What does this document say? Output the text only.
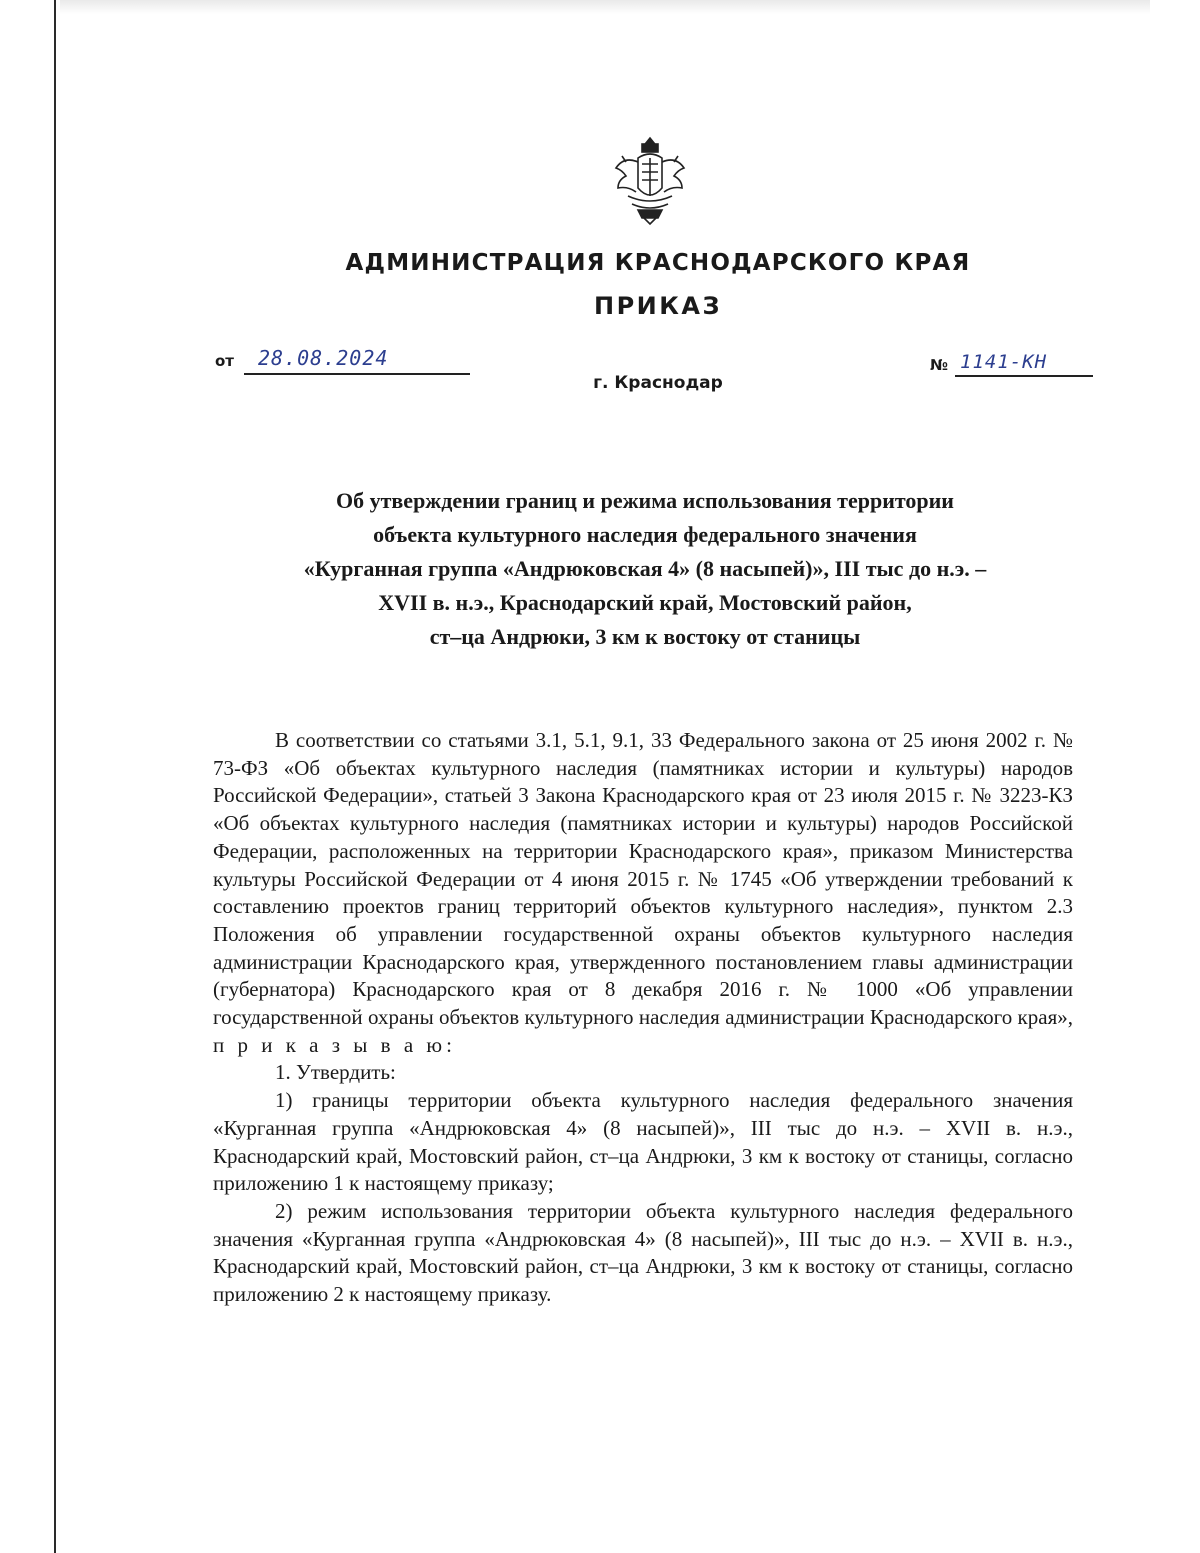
АДМИНИСТРАЦИЯ КРАСНОДАРСКОГО КРАЯ
ПРИКАЗ
от 28.08.2024	№ 1141-КН
г. Краснодар
Об утверждении границ и режима использования территории
объекта культурного наследия федерального значения
«Курганная группа «Андрюковская 4» (8 насыпей)», III тыс до н.э. –
XVII в. н.э., Краснодарский край, Мостовский район,
ст–ца Андрюки, 3 км к востоку от станицы

В соответствии со статьями 3.1, 5.1, 9.1, 33 Федерального закона от 25 июня 2002 г. № 73-ФЗ «Об объектах культурного наследия (памятниках истории и культуры) народов Российской Федерации», статьей 3 Закона Краснодарского края от 23 июля 2015 г. № 3223-КЗ «Об объектах культурного наследия (памятниках истории и культуры) народов Российской Федерации, расположенных на территории Краснодарского края», приказом Министерства культуры Российской Федерации от 4 июня 2015 г. № 1745 «Об утверждении требований к составлению проектов границ территорий объектов культурного наследия», пунктом 2.3 Положения об управлении государственной охраны объектов культурного наследия администрации Краснодарского края, утвержденного постановлением главы администрации (губернатора) Краснодарского края от 8 декабря 2016 г. № 1000 «Об управлении государственной охраны объектов культурного наследия администрации Краснодарского края», п р и к а з ы в а ю:

1. Утвердить:

1) границы территории объекта культурного наследия федерального значения «Курганная группа «Андрюковская 4» (8 насыпей)», III тыс до н.э. – XVII в. н.э., Краснодарский край, Мостовский район, ст–ца Андрюки, 3 км к востоку от станицы, согласно приложению 1 к настоящему приказу;

2) режим использования территории объекта культурного наследия федерального значения «Курганная группа «Андрюковская 4» (8 насыпей)», III тыс до н.э. – XVII в. н.э., Краснодарский край, Мостовский район, ст–ца Андрюки, 3 км к востоку от станицы, согласно приложению 2 к настоящему приказу.
